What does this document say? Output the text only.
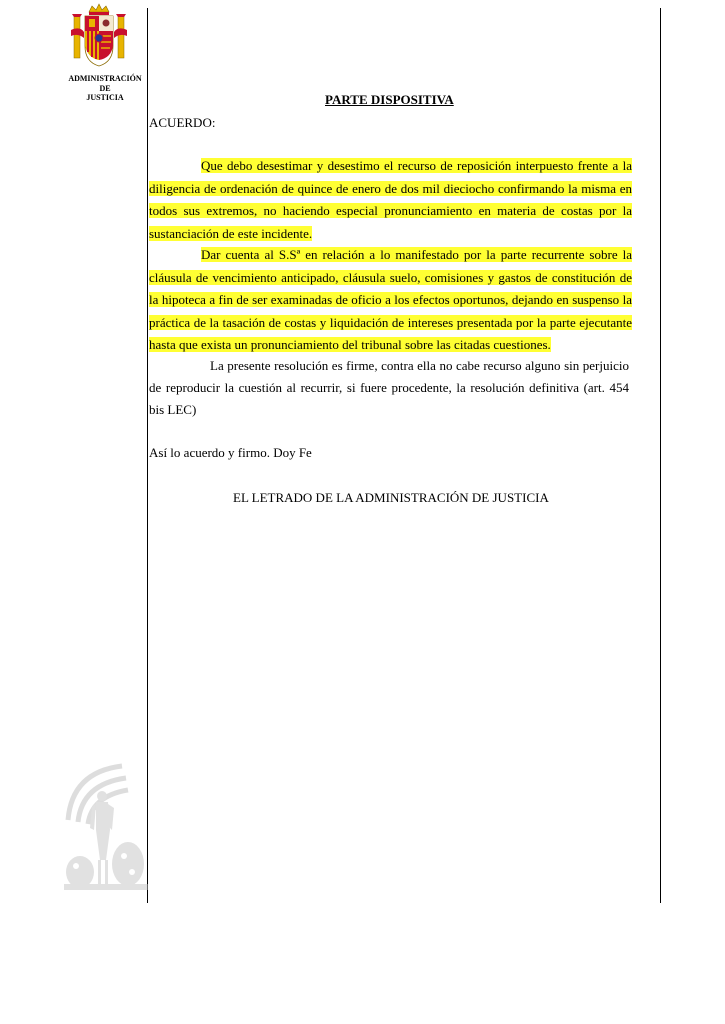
ADMINISTRACIÓN
DE
JUSTICIA	PARTE DISPOSITIVA
ACUERDO:

Que debo desestimar y desestimo el recurso de reposición interpuesto frente a la diligencia de ordenación de quince de enero de dos mil dieciocho confirmando la misma en todos sus extremos, no haciendo especial pronunciamiento en materia de costas por la sustanciación de este incidente.

Dar cuenta al S.Sª en relación a lo manifestado por la parte recurrente sobre la cláusula de vencimiento anticipado, cláusula suelo, comisiones y gastos de constitución de la hipoteca a fin de ser examinadas de oficio a los efectos oportunos, dejando en suspenso la práctica de la tasación de costas y liquidación de intereses presentada por la parte ejecutante hasta que exista un pronunciamiento del tribunal sobre las citadas cuestiones.

La presente resolución es firme, contra ella no cabe recurso alguno sin perjuicio de reproducir la cuestión al recurrir, si fuere procedente, la resolución definitiva (art. 454 bis LEC)

Así lo acuerdo y firmo. Doy Fe
EL LETRADO DE LA ADMINISTRACIÓN DE JUSTICIA
